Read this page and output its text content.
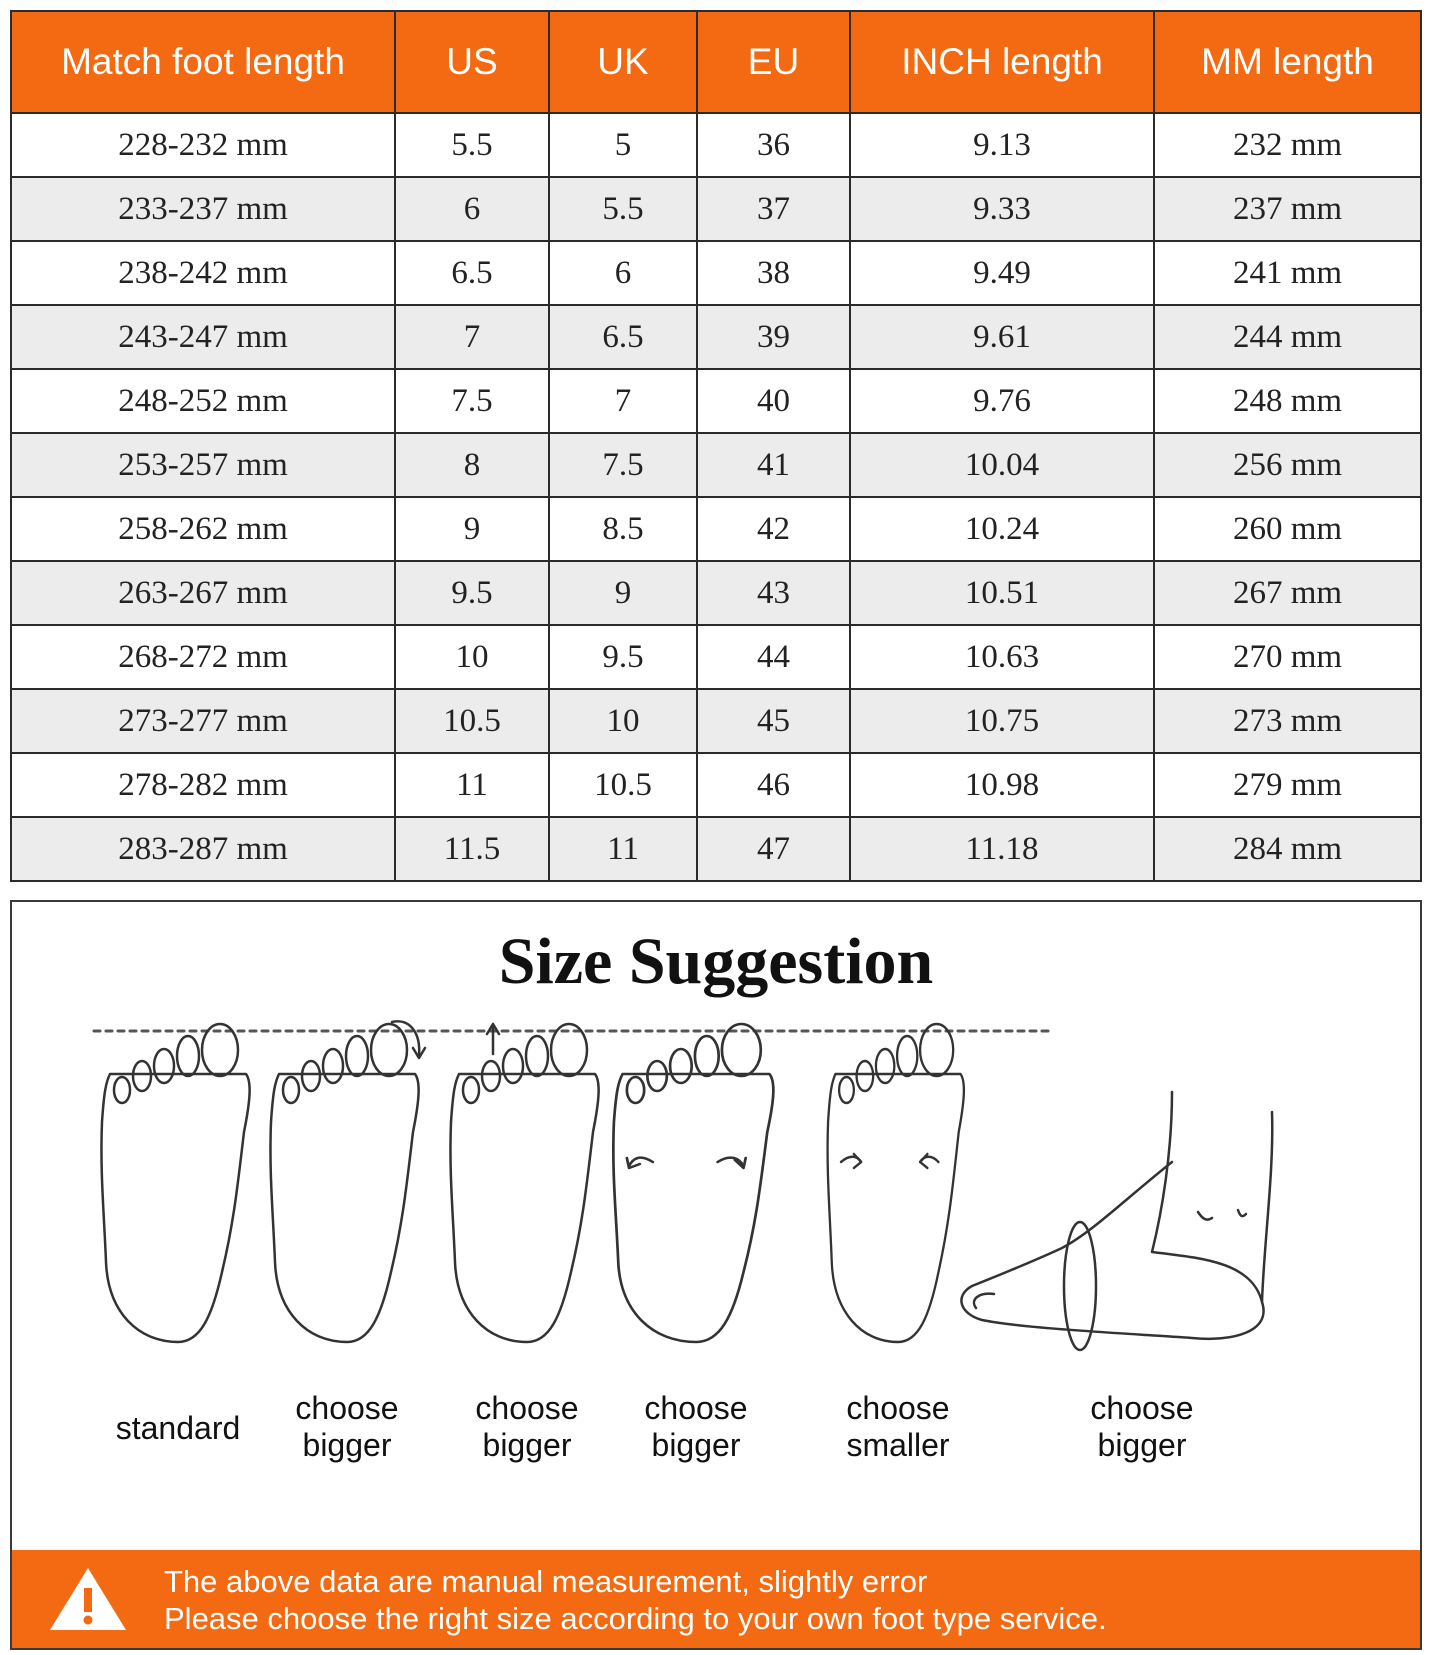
Match foot length	US	UK	EU	INCH length	MM length
228-232 mm	5.5	5	36	9.13	232 mm
233-237 mm	6	5.5	37	9.33	237 mm
238-242 mm	6.5	6	38	9.49	241 mm
243-247 mm	7	6.5	39	9.61	244 mm
248-252 mm	7.5	7	40	9.76	248 mm
253-257 mm	8	7.5	41	10.04	256 mm
258-262 mm	9	8.5	42	10.24	260 mm
263-267 mm	9.5	9	43	10.51	267 mm
268-272 mm	10	9.5	44	10.63	270 mm
273-277 mm	10.5	10	45	10.75	273 mm
278-282 mm	11	10.5	46	10.98	279 mm
283-287 mm	11.5	11	47	11.18	284 mm
Size Suggestion
standard
choose
bigger
choose
bigger
choose
bigger
choose
smaller
choose
bigger
The above data are manual measurement, slightly error
Please choose the right size according to your own foot type service.
